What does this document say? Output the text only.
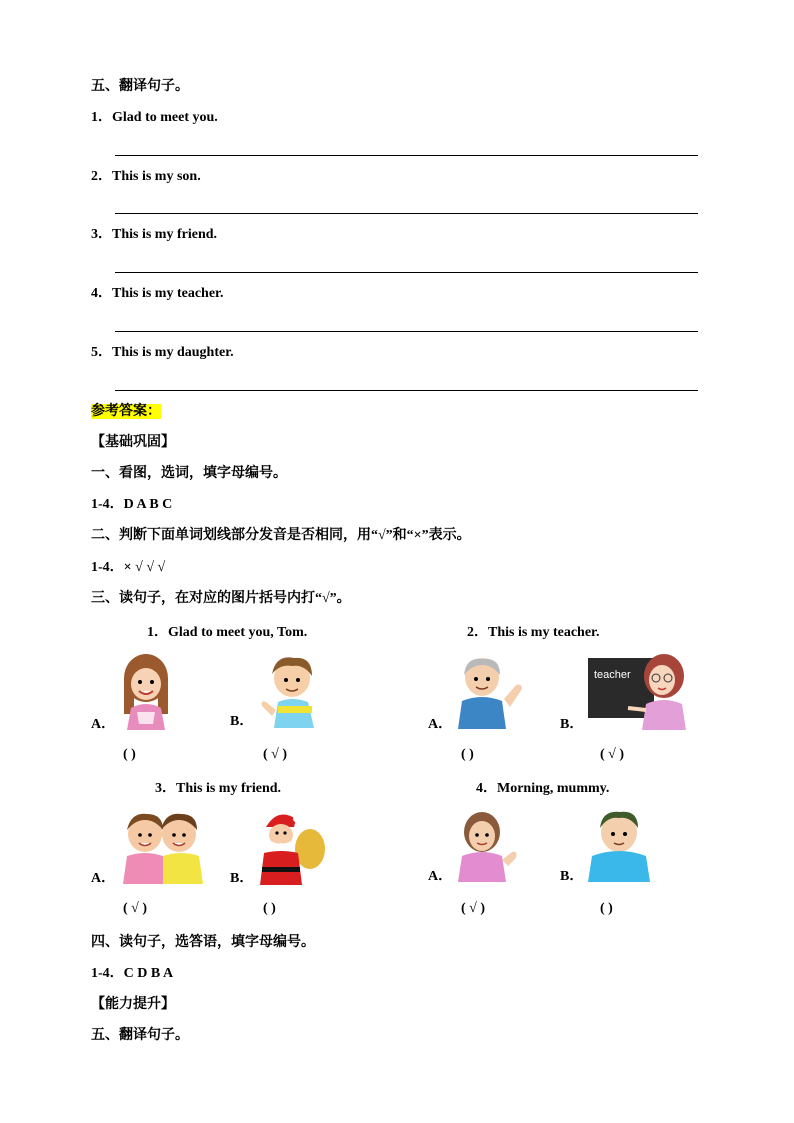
五、翻译句子。
1．Glad to meet you.
2．This is my son.
3．This is my friend.
4．This is my teacher.
5．This is my daughter.
参考答案：
【基础巩固】
一、看图，选词，填字母编号。
1-4．D A B C
二、判断下面单词划线部分发音是否相同，用“√”和“×”表示。
1-4．× √ √ √
三、读句子，在对应的图片括号内打“√”。
1．Glad to meet you, Tom.
A．	B．
( )	( √ )
2．This is my teacher.
A．	B．
teacher
( )	( √ )
3．This is my friend.
A．	B．
( √ )	( )
4．Morning, mummy.
A．	B．
( √ )	( )
四、读句子，选答语，填字母编号。
1-4．C D B A
【能力提升】
五、翻译句子。
